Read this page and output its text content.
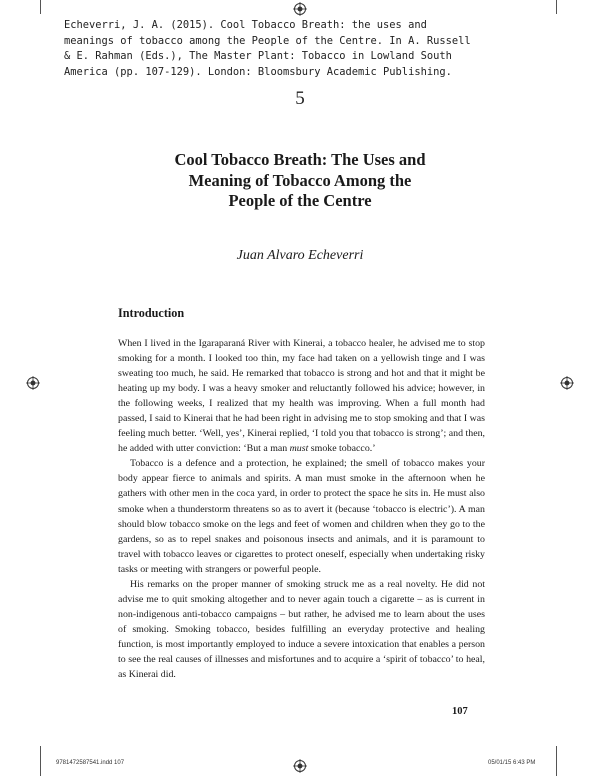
Echeverri, J. A. (2015). Cool Tobacco Breath: the uses and
meanings of tobacco among the People of the Centre. In A. Russell
& E. Rahman (Eds.), The Master Plant: Tobacco in Lowland South
America (pp. 107-129). London: Bloomsbury Academic Publishing.

5
Cool Tobacco Breath: The Uses and
Meaning of Tobacco Among the
People of the Centre
Juan Alvaro Echeverri
Introduction

When I lived in the Igaraparaná River with Kinerai, a tobacco healer, he advised me to stop smoking for a month. I looked too thin, my face had taken on a yellowish tinge and I was sweating too much, he said. He remarked that tobacco is strong and hot and that it might be heating up my body. I was a heavy smoker and reluctantly followed his advice; however, in the following weeks, I realized that my health was improving. When a full month had passed, I said to Kinerai that he had been right in advising me to stop smoking and that I was feeling much better. ‘Well, yes’, Kinerai replied, ‘I told you that tobacco is strong’; and then, he added with utter conviction: ‘But a man must smoke tobacco.’

Tobacco is a defence and a protection, he explained; the smell of tobacco makes your body appear fierce to animals and spirits. A man must smoke in the afternoon when he gathers with other men in the coca yard, in order to protect the space he sits in. He must also smoke when a thunderstorm threatens so as to avert it (because ‘tobacco is electric’). A man should blow tobacco smoke on the legs and feet of women and children when they go to the gardens, so as to repel snakes and poisonous insects and animals, and it is paramount to travel with tobacco leaves or cigarettes to protect oneself, especially when undertaking risky tasks or meeting with strangers or powerful people.

His remarks on the proper manner of smoking struck me as a real novelty. He did not advise me to quit smoking altogether and to never again touch a cigarette – as is current in non-indigenous anti-tobacco campaigns – but rather, he advised me to learn about the uses of smoking. Smoking tobacco, besides fulfilling an everyday protective and healing function, is most importantly employed to induce a severe intoxication that enables a person to see the real causes of illnesses and misfortunes and to acquire a ‘spirit of tobacco’ to heal, as Kinerai did.

107
9781472587541.indd 107	05/01/15 6:43 PM
